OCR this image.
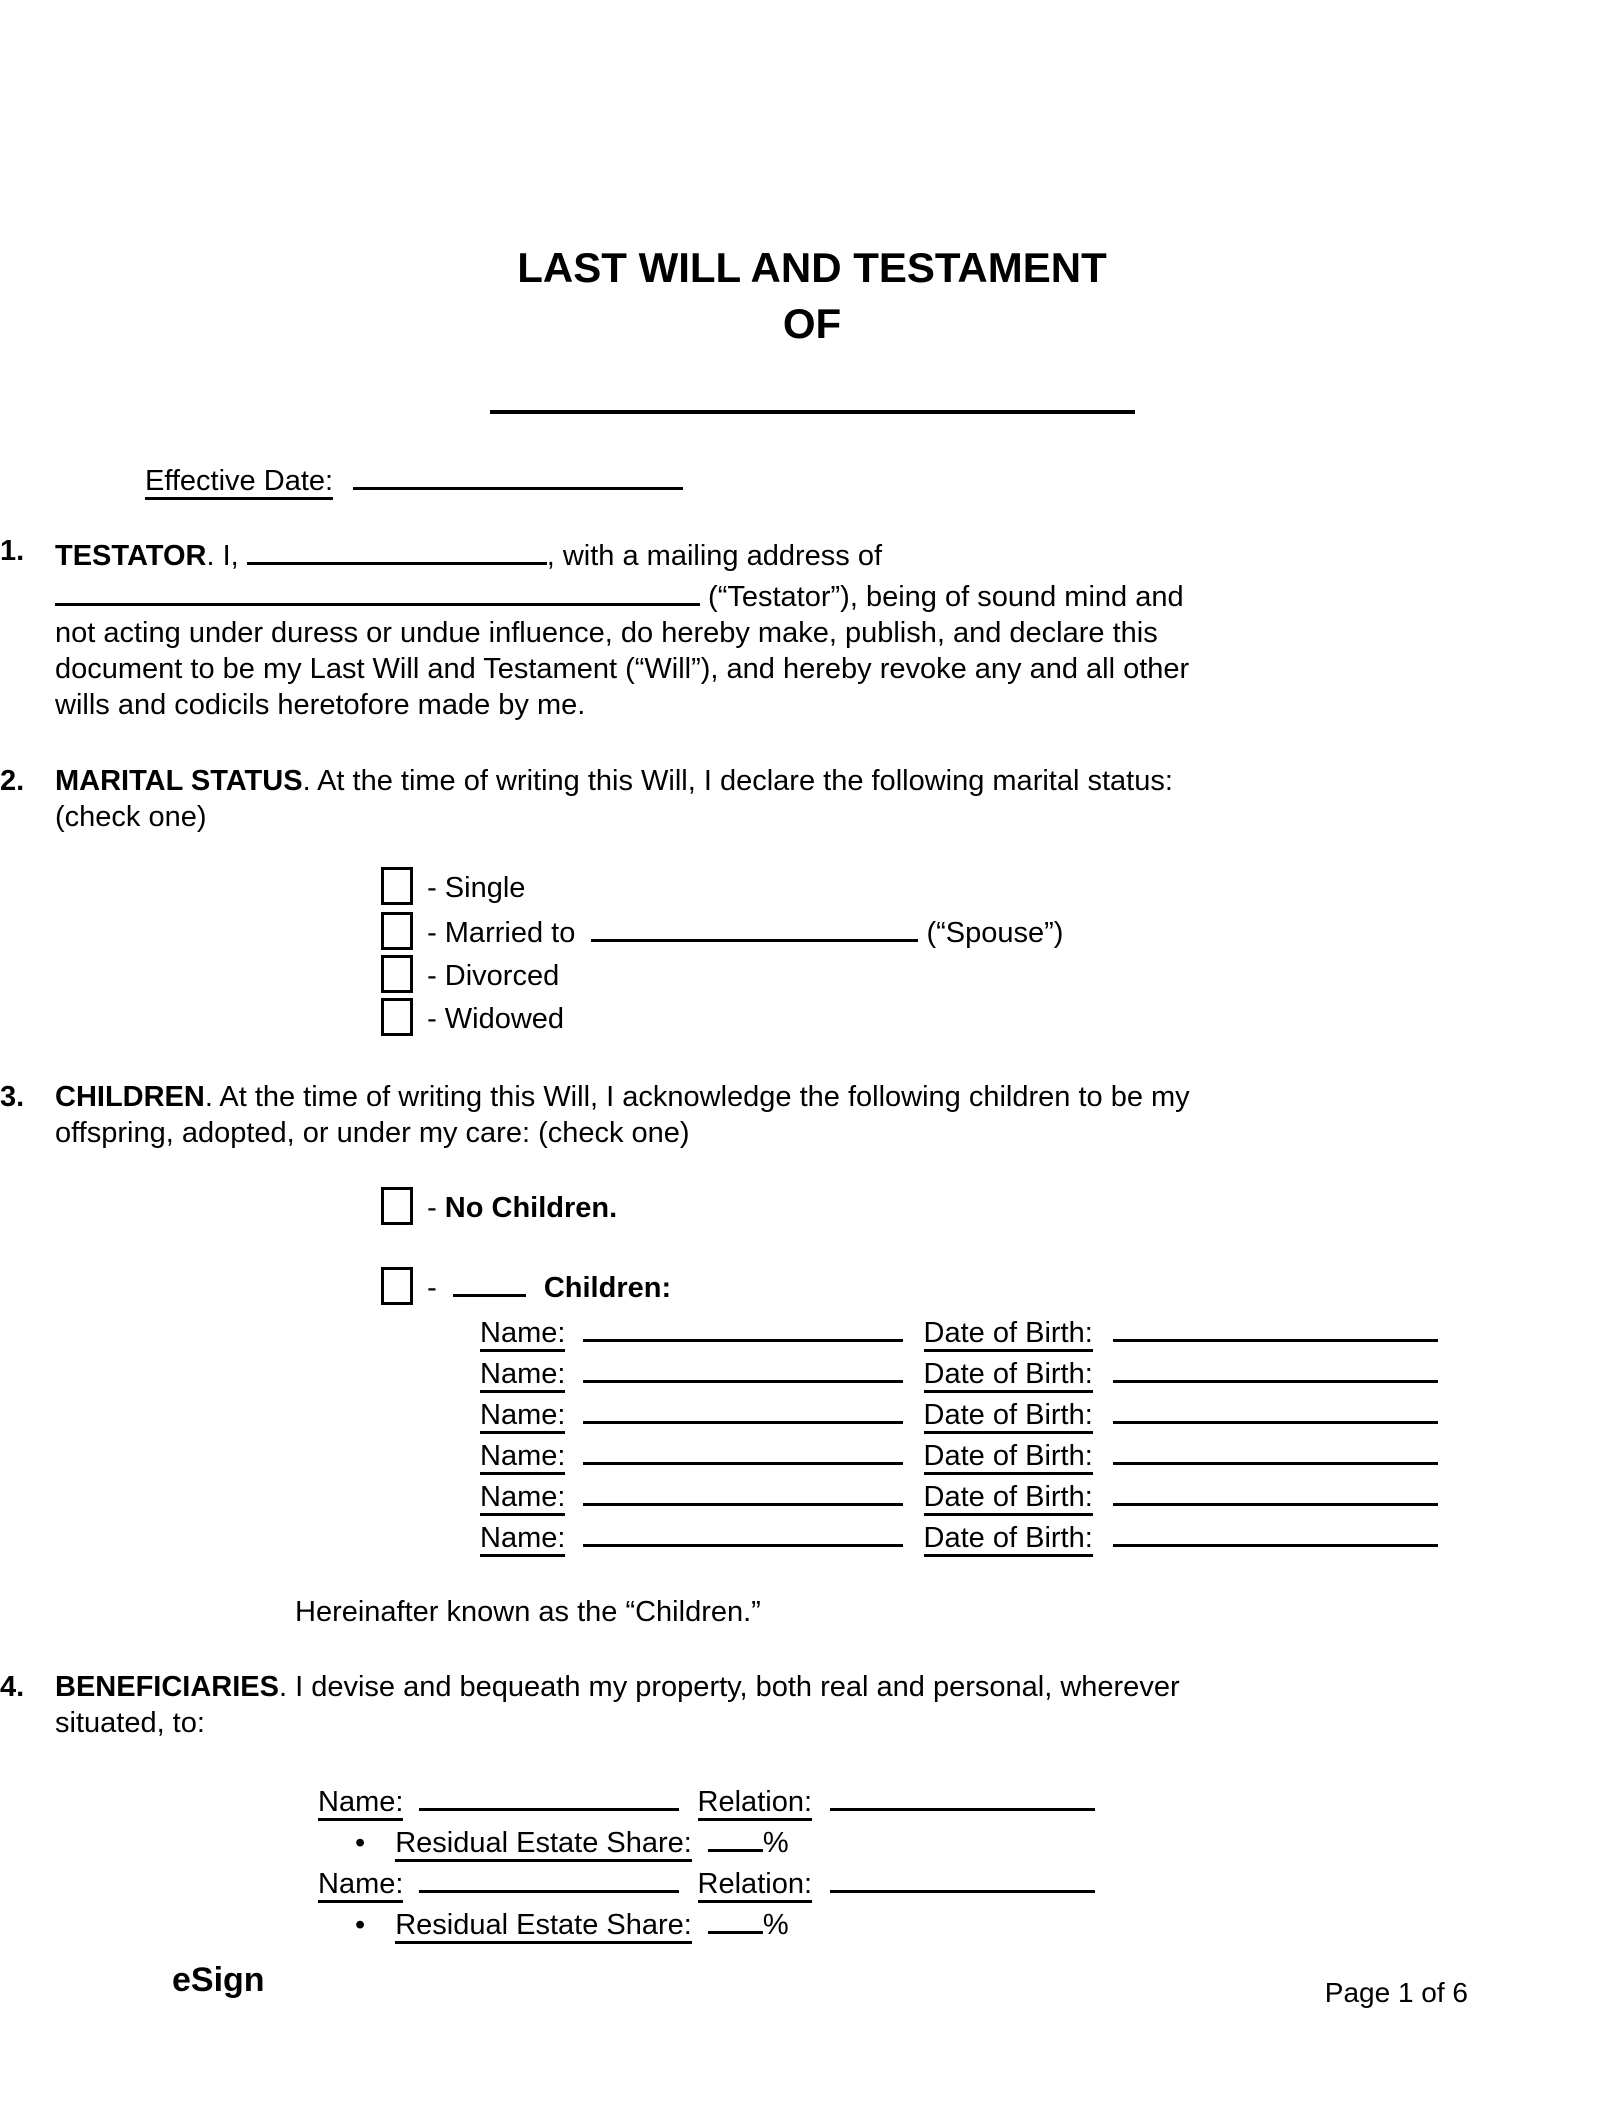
LAST WILL AND TESTAMENT
OF
Effective Date:
1.	TESTATOR. I,	, with a mailing address of  (“Testator”), being of sound mind and not acting under duress or undue influence, do hereby make, publish, and declare this document to be my Last Will and Testament (“Will”), and hereby revoke any and all other wills and codicils heretofore made by me.
2.	MARITAL STATUS. At the time of writing this Will, I declare the following marital status: (check one)
- Single
- Married to	(“Spouse”)
- Divorced
- Widowed
3.	CHILDREN. At the time of writing this Will, I acknowledge the following children to be my offspring, adopted, or under my care: (check one)
- No Children.
-	Children:
Name:	Date of Birth:
Name:	Date of Birth:
Name:	Date of Birth:
Name:	Date of Birth:
Name:	Date of Birth:
Name:	Date of Birth:
Hereinafter known as the “Children.”
4.	BENEFICIARIES. I devise and bequeath my property, both real and personal, wherever situated, to:
Name:	Relation:
• Residual Estate Share: %
Name:	Relation:
• Residual Estate Share: %
eSign	Page 1 of 6
